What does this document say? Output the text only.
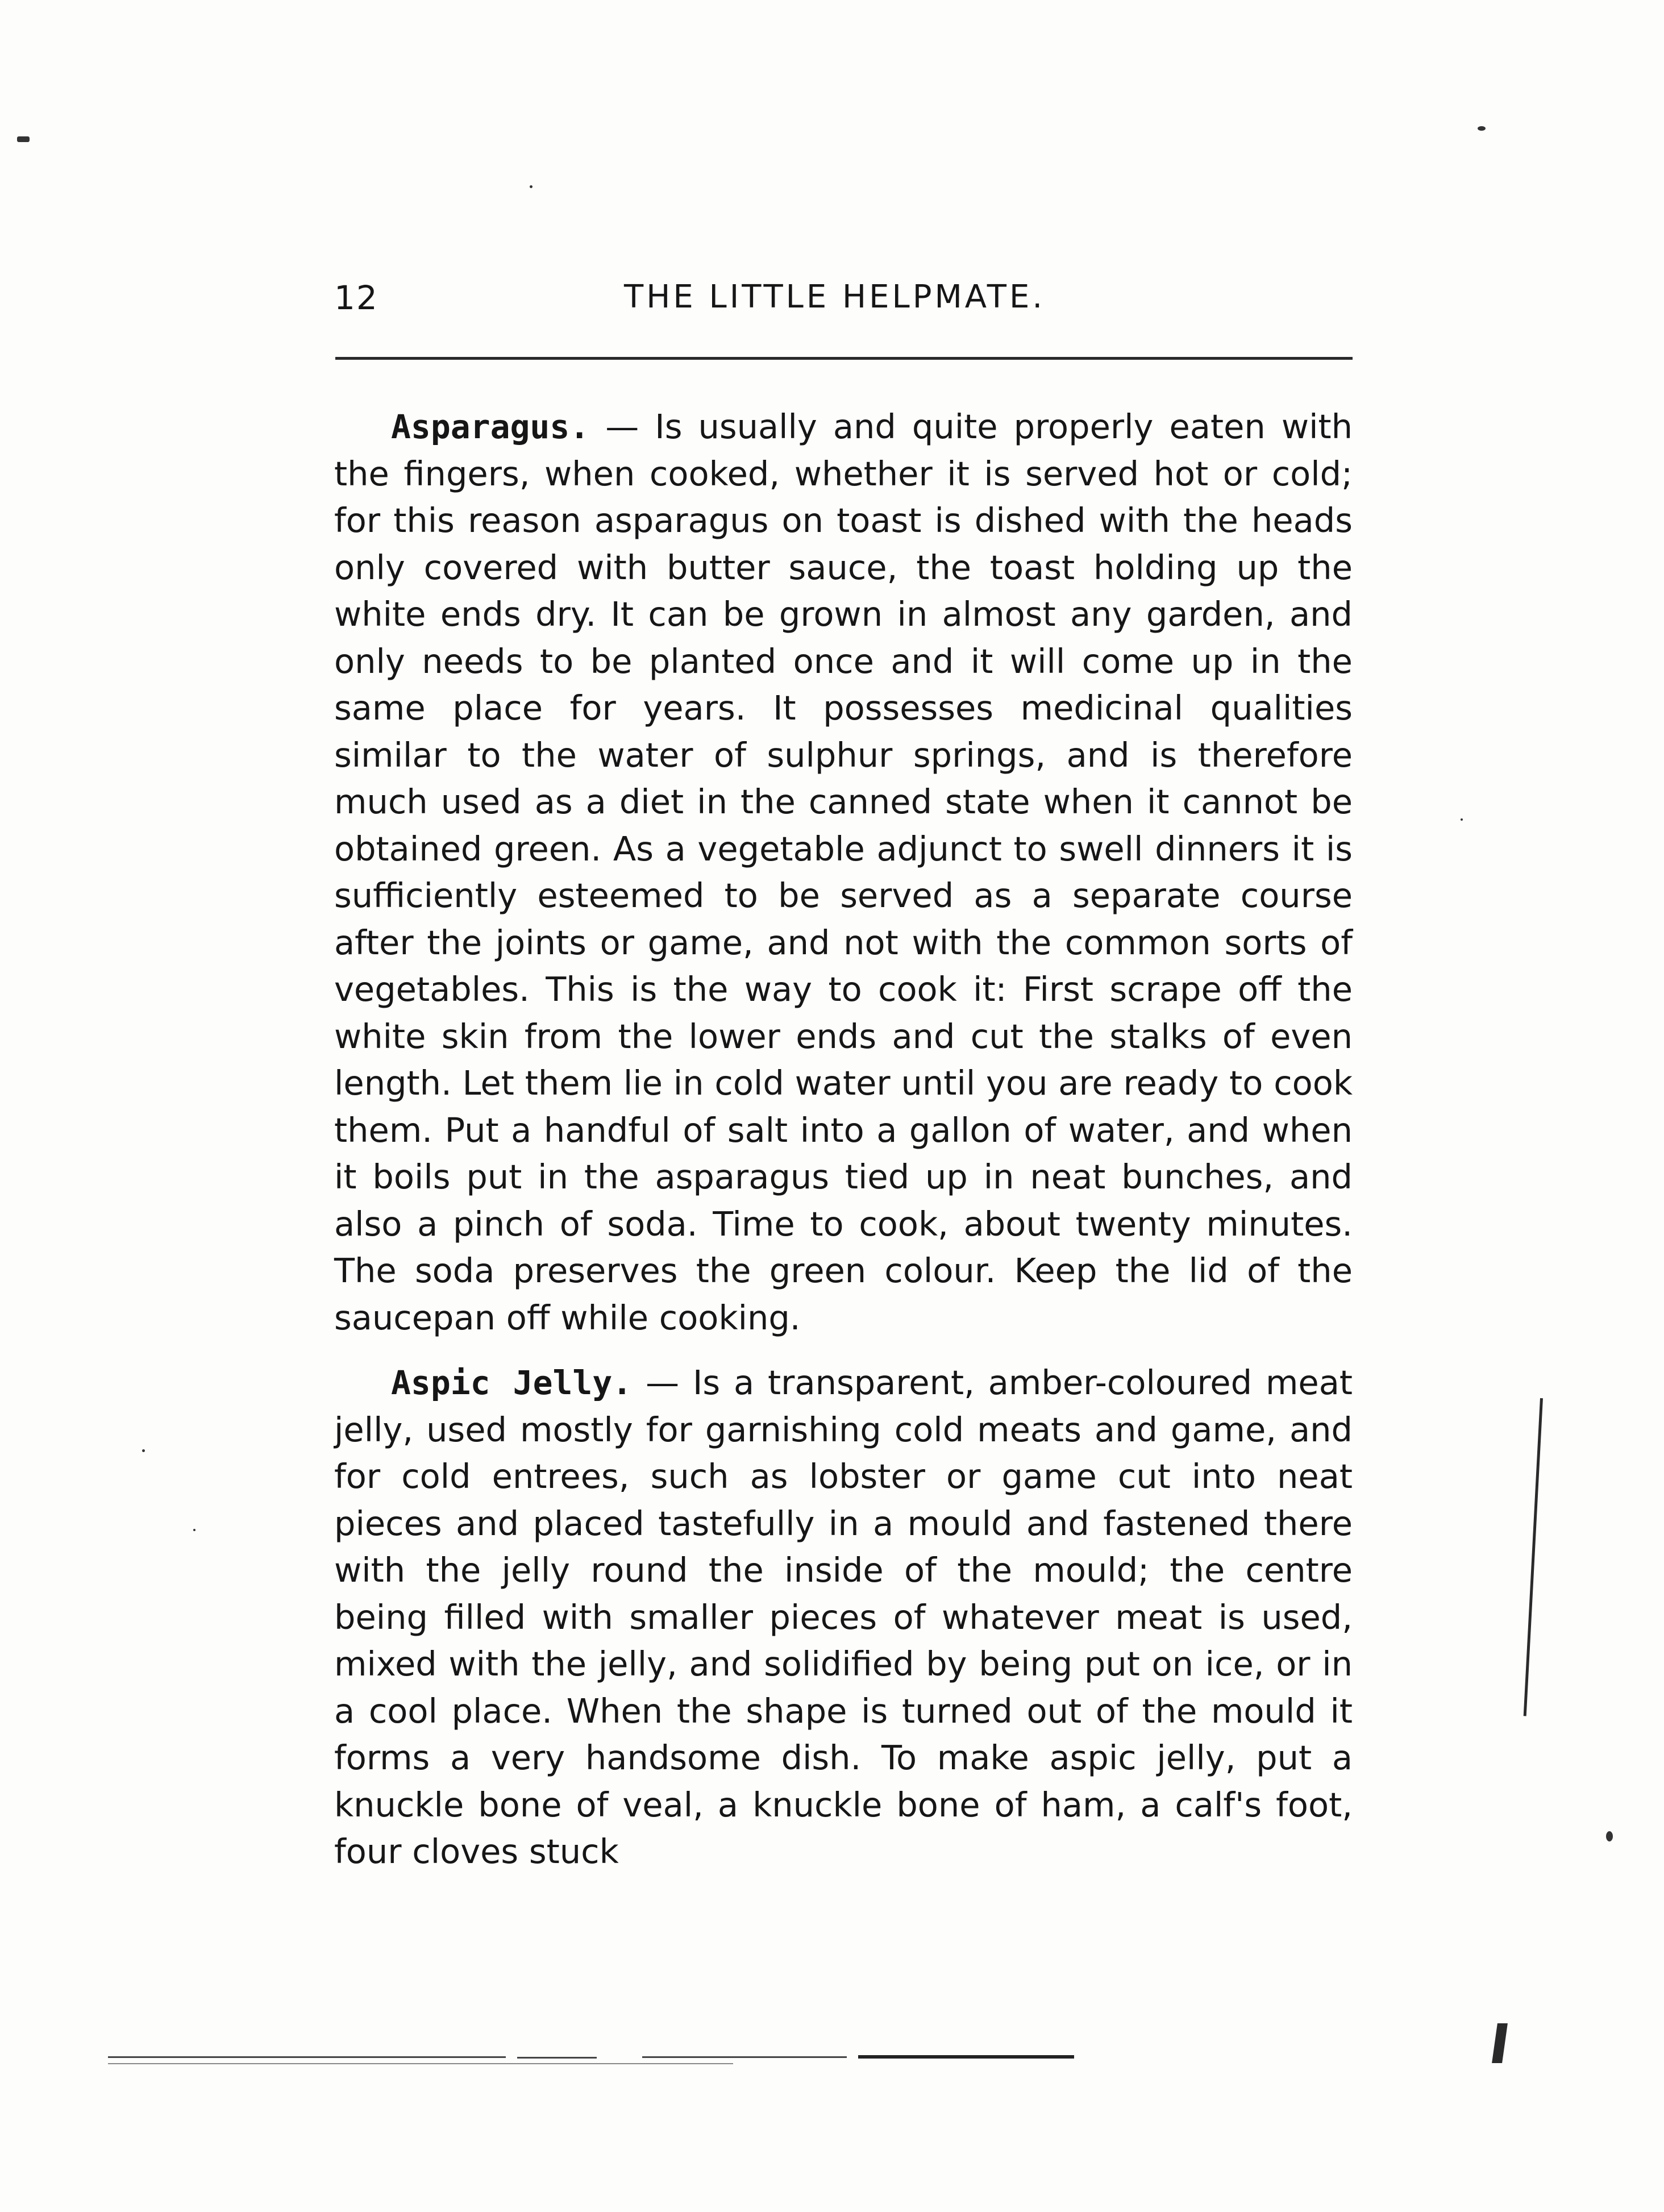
12	THE LITTLE HELPMATE.

Asparagus. — Is usually and quite properly eaten with the fingers, when cooked, whether it is served hot or cold; for this reason asparagus on toast is dished with the heads only covered with butter sauce, the toast holding up the white ends dry. It can be grown in almost any garden, and only needs to be planted once and it will come up in the same place for years. It possesses medicinal qualities similar to the water of sulphur springs, and is therefore much used as a diet in the canned state when it cannot be obtained green. As a vegetable adjunct to swell dinners it is sufficiently esteemed to be served as a separate course after the joints or game, and not with the common sorts of vegetables. This is the way to cook it: First scrape off the white skin from the lower ends and cut the stalks of even length. Let them lie in cold water until you are ready to cook them. Put a handful of salt into a gallon of water, and when it boils put in the asparagus tied up in neat bunches, and also a pinch of soda. Time to cook, about twenty minutes. The soda preserves the green colour. Keep the lid of the saucepan off while cooking.

Aspic Jelly. — Is a transparent, amber-coloured meat jelly, used mostly for garnishing cold meats and game, and for cold entrees, such as lobster or game cut into neat pieces and placed tastefully in a mould and fastened there with the jelly round the inside of the mould; the centre being filled with smaller pieces of whatever meat is used, mixed with the jelly, and solidified by being put on ice, or in a cool place. When the shape is turned out of the mould it forms a very handsome dish. To make aspic jelly, put a knuckle bone of veal, a knuckle bone of ham, a calf's foot, four cloves stuck
